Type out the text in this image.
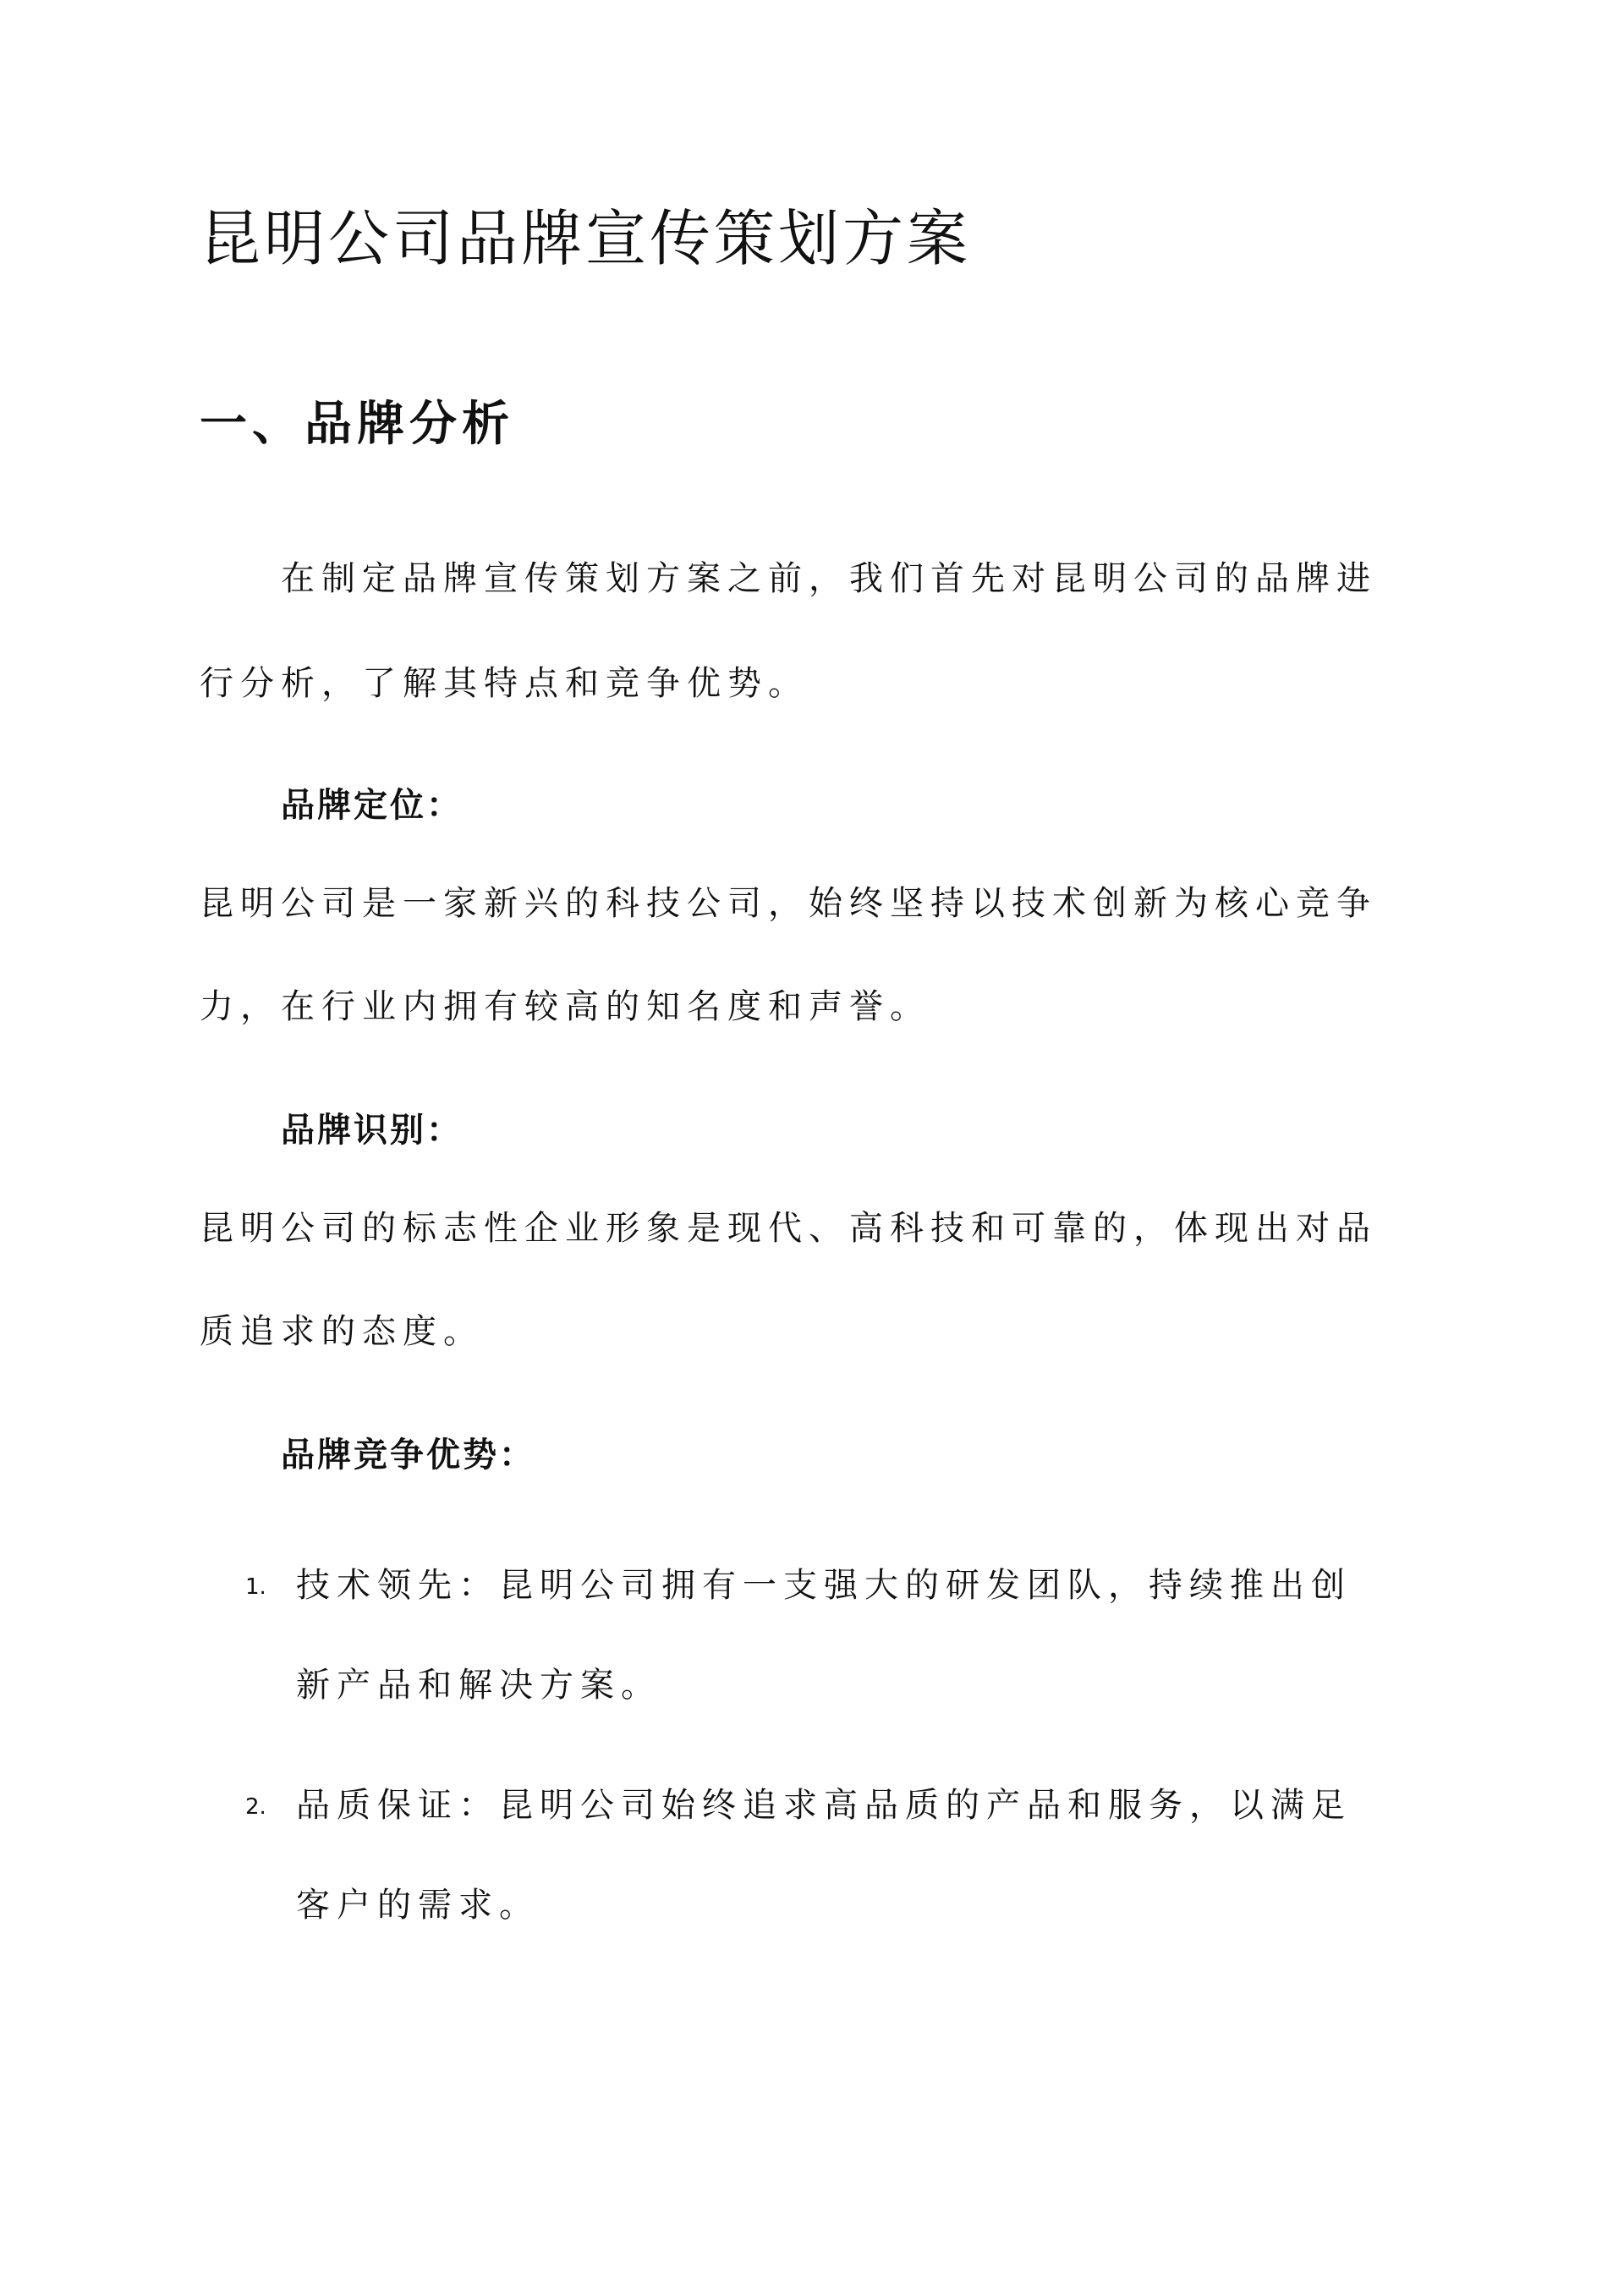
昆明公司品牌宣传策划方案
一、品牌分析

在制定品牌宣传策划方案之前，我们首先对昆明公司的品牌进

行分析，了解其特点和竞争优势。

品牌定位：

昆明公司是一家新兴的科技公司，始终坚持以技术创新为核心竞争

力，在行业内拥有较高的知名度和声誉。

品牌识别：

昆明公司的标志性企业形象是现代、高科技和可靠的，体现出对品

质追求的态度。

品牌竞争优势：
1. 技术领先：昆明公司拥有一支强大的研发团队，持续推出创

新产品和解决方案。

2. 品质保证：昆明公司始终追求高品质的产品和服务，以满足

客户的需求。
